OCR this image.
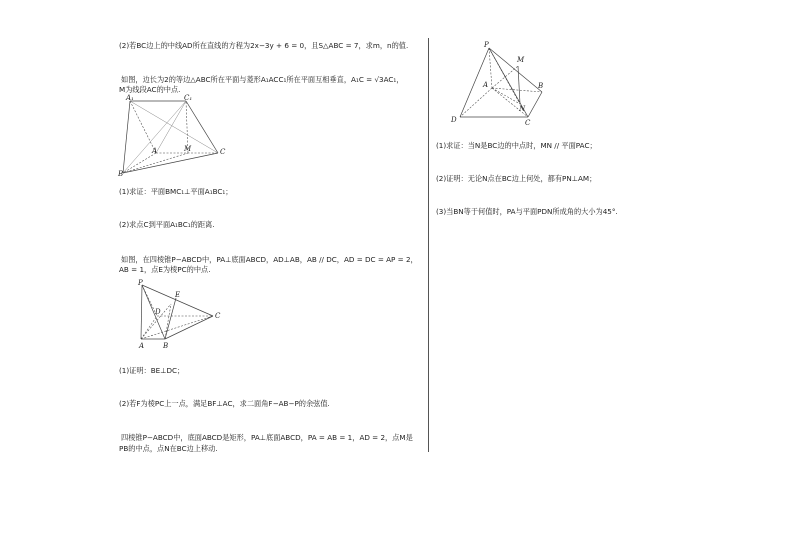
(2)若BC边上的中线AD所在直线的方程为2x−3y + 6 = 0，且S△ABC = 7，求m，n的值.
如图，边长为2的等边△ABC所在平面与菱形A₁ACC₁所在平面互相垂直，A₁C = √3AC₁，
M为线段AC的中点.
A₁	C₁
A	M	C
B
(1)求证：平面BMC₁⊥平面A₁BC₁；
(2)求点C到平面A₁BC₁的距离.
如图，在四棱锥P−ABCD中，PA⊥底面ABCD，AD⊥AB，AB // DC，AD = DC = AP = 2，
AB = 1，点E为棱PC的中点.
P
E
A	B
C
D
(1)证明：BE⊥DC；
(2)若F为棱PC上一点，满足BF⊥AC，求二面角F−AB−P的余弦值.
四棱锥P−ABCD中，底面ABCD是矩形，PA⊥底面ABCD，PA = AB = 1，AD = 2，点M是
PB的中点，点N在BC边上移动.
P
M
A	B
D
N
C
(1)求证：当N是BC边的中点时，MN // 平面PAC；
(2)证明：无论N点在BC边上何处，都有PN⊥AM；
(3)当BN等于何值时，PA与平面PDN所成角的大小为45°.
